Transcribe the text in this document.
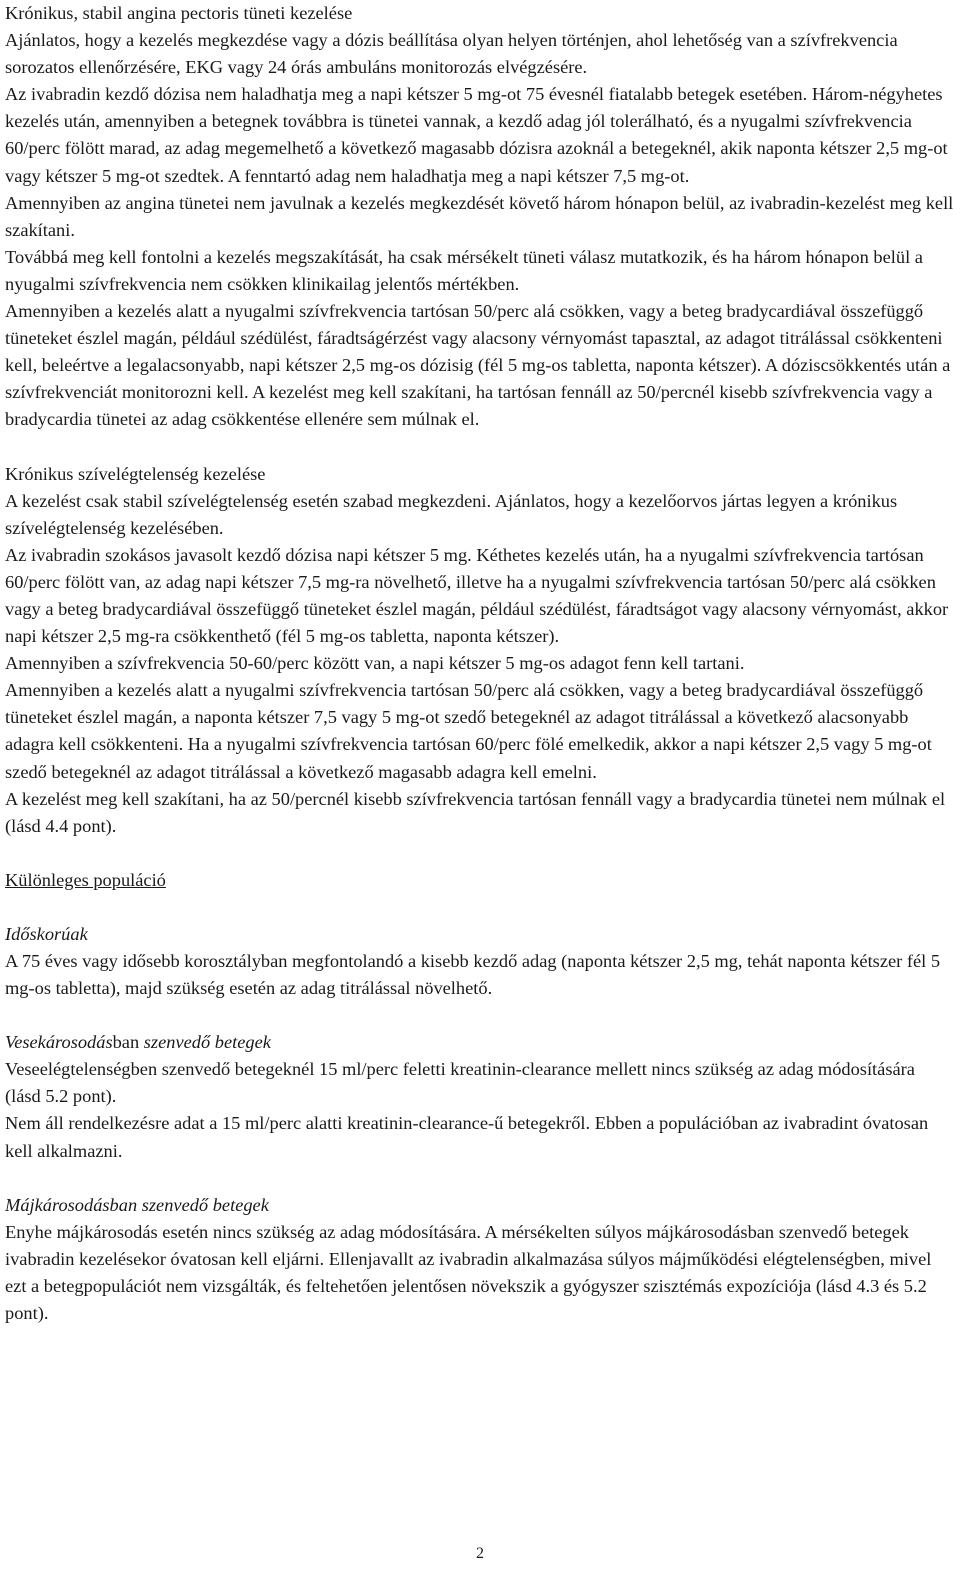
Krónikus, stabil angina pectoris tüneti kezelése

Ajánlatos, hogy a kezelés megkezdése vagy a dózis beállítása olyan helyen történjen, ahol lehetőség van a szívfrekvencia sorozatos ellenőrzésére, EKG vagy 24 órás ambuláns monitorozás elvégzésére.

Az ivabradin kezdő dózisa nem haladhatja meg a napi kétszer 5 mg-ot 75 évesnél fiatalabb betegek esetében. Három-négyhetes kezelés után, amennyiben a betegnek továbbra is tünetei vannak, a kezdő adag jól tolerálható, és a nyugalmi szívfrekvencia 60/perc fölött marad, az adag megemelhető a következő magasabb dózisra azoknál a betegeknél, akik naponta kétszer 2,5 mg-ot vagy kétszer 5 mg-ot szedtek. A fenntartó adag nem haladhatja meg a napi kétszer 7,5 mg-ot.

Amennyiben az angina tünetei nem javulnak a kezelés megkezdését követő három hónapon belül, az ivabradin-kezelést meg kell szakítani.

Továbbá meg kell fontolni a kezelés megszakítását, ha csak mérsékelt tüneti válasz mutatkozik, és ha három hónapon belül a nyugalmi szívfrekvencia nem csökken klinikailag jelentős mértékben.

Amennyiben a kezelés alatt a nyugalmi szívfrekvencia tartósan 50/perc alá csökken, vagy a beteg bradycardiával összefüggő tüneteket észlel magán, például szédülést, fáradtságérzést vagy alacsony vérnyomást tapasztal, az adagot titrálással csökkenteni kell, beleértve a legalacsonyabb, napi kétszer 2,5 mg-os dózisig (fél 5 mg-os tabletta, naponta kétszer). A dóziscsökkentés után a szívfrekvenciát monitorozni kell. A kezelést meg kell szakítani, ha tartósan fennáll az 50/percnél kisebb szívfrekvencia vagy a bradycardia tünetei az adag csökkentése ellenére sem múlnak el.

Krónikus szívelégtelenség kezelése

A kezelést csak stabil szívelégtelenség esetén szabad megkezdeni. Ajánlatos, hogy a kezelőorvos jártas legyen a krónikus szívelégtelenség kezelésében.

Az ivabradin szokásos javasolt kezdő dózisa napi kétszer 5 mg. Kéthetes kezelés után, ha a nyugalmi szívfrekvencia tartósan 60/perc fölött van, az adag napi kétszer 7,5 mg-ra növelhető, illetve ha a nyugalmi szívfrekvencia tartósan 50/perc alá csökken vagy a beteg bradycardiával összefüggő tüneteket észlel magán, például szédülést, fáradtságot vagy alacsony vérnyomást, akkor napi kétszer 2,5 mg-ra csökkenthető (fél 5 mg-os tabletta, naponta kétszer).

Amennyiben a szívfrekvencia 50-60/perc között van, a napi kétszer 5 mg-os adagot fenn kell tartani.

Amennyiben a kezelés alatt a nyugalmi szívfrekvencia tartósan 50/perc alá csökken, vagy a beteg bradycardiával összefüggő tüneteket észlel magán, a naponta kétszer 7,5 vagy 5 mg-ot szedő betegeknél az adagot titrálással a következő alacsonyabb adagra kell csökkenteni. Ha a nyugalmi szívfrekvencia tartósan 60/perc fölé emelkedik, akkor a napi kétszer 2,5 vagy 5 mg-ot szedő betegeknél az adagot titrálással a következő magasabb adagra kell emelni.

A kezelést meg kell szakítani, ha az 50/percnél kisebb szívfrekvencia tartósan fennáll vagy a bradycardia tünetei nem múlnak el (lásd 4.4 pont).

Különleges populáció

Időskorúak

A 75 éves vagy idősebb korosztályban megfontolandó a kisebb kezdő adag (naponta kétszer 2,5 mg, tehát naponta kétszer fél 5 mg-os tabletta), majd szükség esetén az adag titrálással növelhető.

Vesekárosodásban szenvedő betegek

Veseelégtelenségben szenvedő betegeknél 15 ml/perc feletti kreatinin-clearance mellett nincs szükség az adag módosítására (lásd 5.2 pont).

Nem áll rendelkezésre adat a 15 ml/perc alatti kreatinin-clearance-ű betegekről. Ebben a populációban az ivabradint óvatosan kell alkalmazni.

Májkárosodásban szenvedő betegek

Enyhe májkárosodás esetén nincs szükség az adag módosítására. A mérsékelten súlyos májkárosodásban szenvedő betegek ivabradin kezelésekor óvatosan kell eljárni. Ellenjavallt az ivabradin alkalmazása súlyos májműködési elégtelenségben, mivel ezt a betegpopulációt nem vizsgálták, és feltehetően jelentősen növekszik a gyógyszer szisztémás expozíciója (lásd 4.3 és 5.2 pont).

2
